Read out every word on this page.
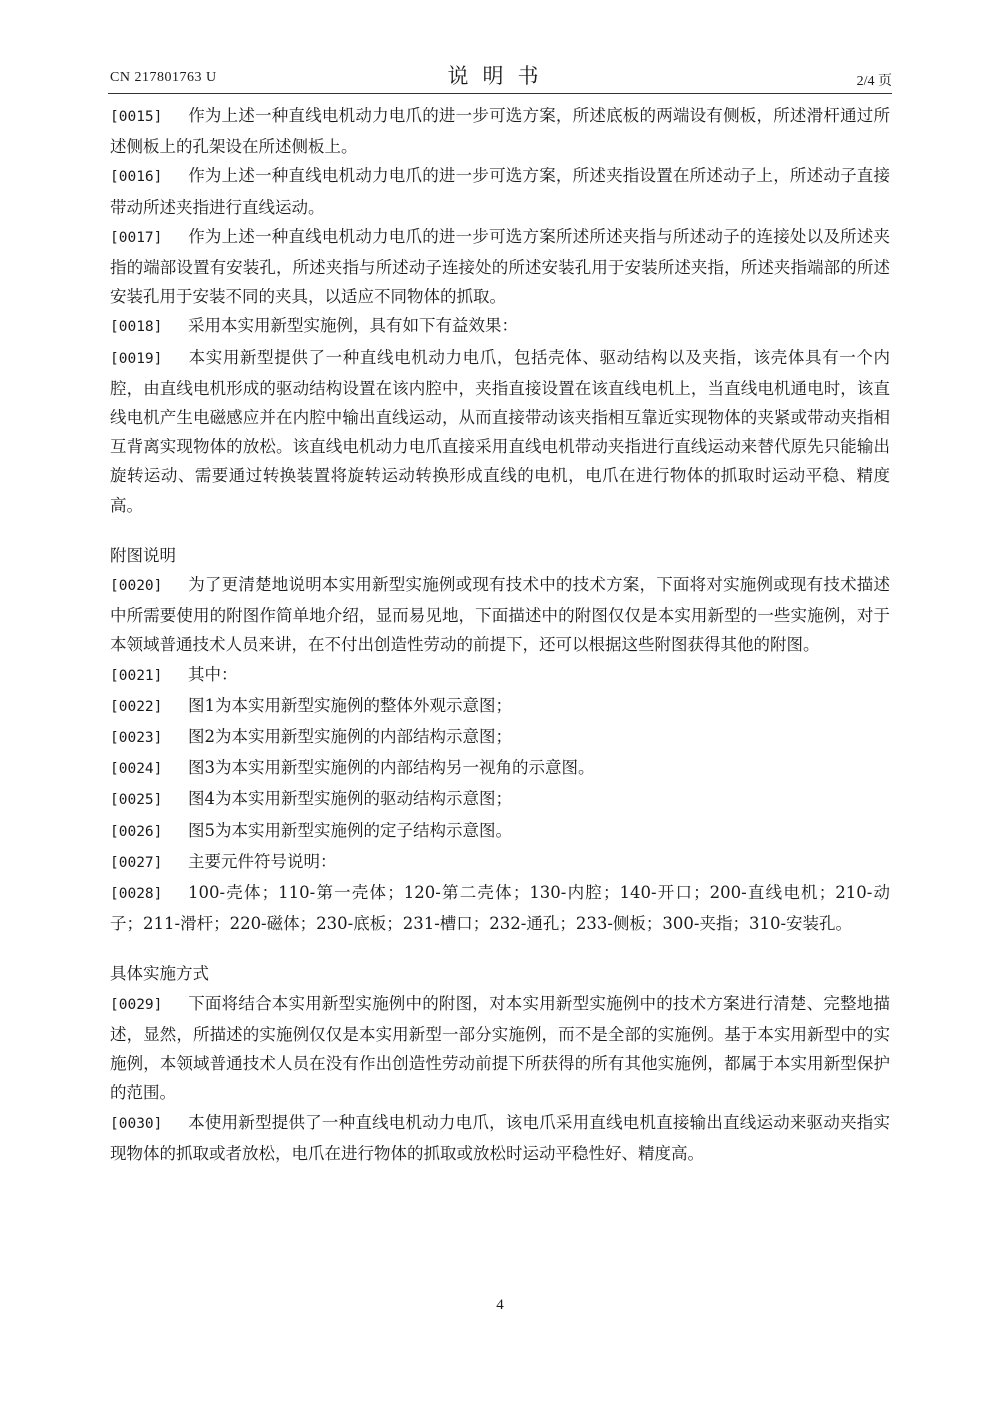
CN 217801763 U	说明书	2/4 页
[0015] 作为上述一种直线电机动力电爪的进一步可选方案，所述底板的两端设有侧板，所述滑杆通过所述侧板上的孔架设在所述侧板上。
[0016] 作为上述一种直线电机动力电爪的进一步可选方案，所述夹指设置在所述动子上，所述动子直接带动所述夹指进行直线运动。
[0017] 作为上述一种直线电机动力电爪的进一步可选方案所述所述夹指与所述动子的连接处以及所述夹指的端部设置有安装孔，所述夹指与所述动子连接处的所述安装孔用于安装所述夹指，所述夹指端部的所述安装孔用于安装不同的夹具，以适应不同物体的抓取。
[0018] 采用本实用新型实施例，具有如下有益效果：
[0019] 本实用新型提供了一种直线电机动力电爪，包括壳体、驱动结构以及夹指，该壳体具有一个内腔，由直线电机形成的驱动结构设置在该内腔中，夹指直接设置在该直线电机上，当直线电机通电时，该直线电机产生电磁感应并在内腔中输出直线运动，从而直接带动该夹指相互靠近实现物体的夹紧或带动夹指相互背离实现物体的放松。该直线电机动力电爪直接采用直线电机带动夹指进行直线运动来替代原先只能输出旋转运动、需要通过转换装置将旋转运动转换形成直线的电机，电爪在进行物体的抓取时运动平稳、精度高。
附图说明
[0020] 为了更清楚地说明本实用新型实施例或现有技术中的技术方案，下面将对实施例或现有技术描述中所需要使用的附图作简单地介绍，显而易见地，下面描述中的附图仅仅是本实用新型的一些实施例，对于本领域普通技术人员来讲，在不付出创造性劳动的前提下，还可以根据这些附图获得其他的附图。
[0021] 其中：
[0022] 图1为本实用新型实施例的整体外观示意图；
[0023] 图2为本实用新型实施例的内部结构示意图；
[0024] 图3为本实用新型实施例的内部结构另一视角的示意图。
[0025] 图4为本实用新型实施例的驱动结构示意图；
[0026] 图5为本实用新型实施例的定子结构示意图。
[0027] 主要元件符号说明：
[0028] 100-壳体；110-第一壳体；120-第二壳体；130-内腔；140-开口；200-直线电机；210-动子；211-滑杆；220-磁体；230-底板；231-槽口；232-通孔；233-侧板；300-夹指；310-安装孔。
具体实施方式
[0029] 下面将结合本实用新型实施例中的附图，对本实用新型实施例中的技术方案进行清楚、完整地描述，显然，所描述的实施例仅仅是本实用新型一部分实施例，而不是全部的实施例。基于本实用新型中的实施例，本领域普通技术人员在没有作出创造性劳动前提下所获得的所有其他实施例，都属于本实用新型保护的范围。
[0030] 本使用新型提供了一种直线电机动力电爪，该电爪采用直线电机直接输出直线运动来驱动夹指实现物体的抓取或者放松，电爪在进行物体的抓取或放松时运动平稳性好、精度高。
4
